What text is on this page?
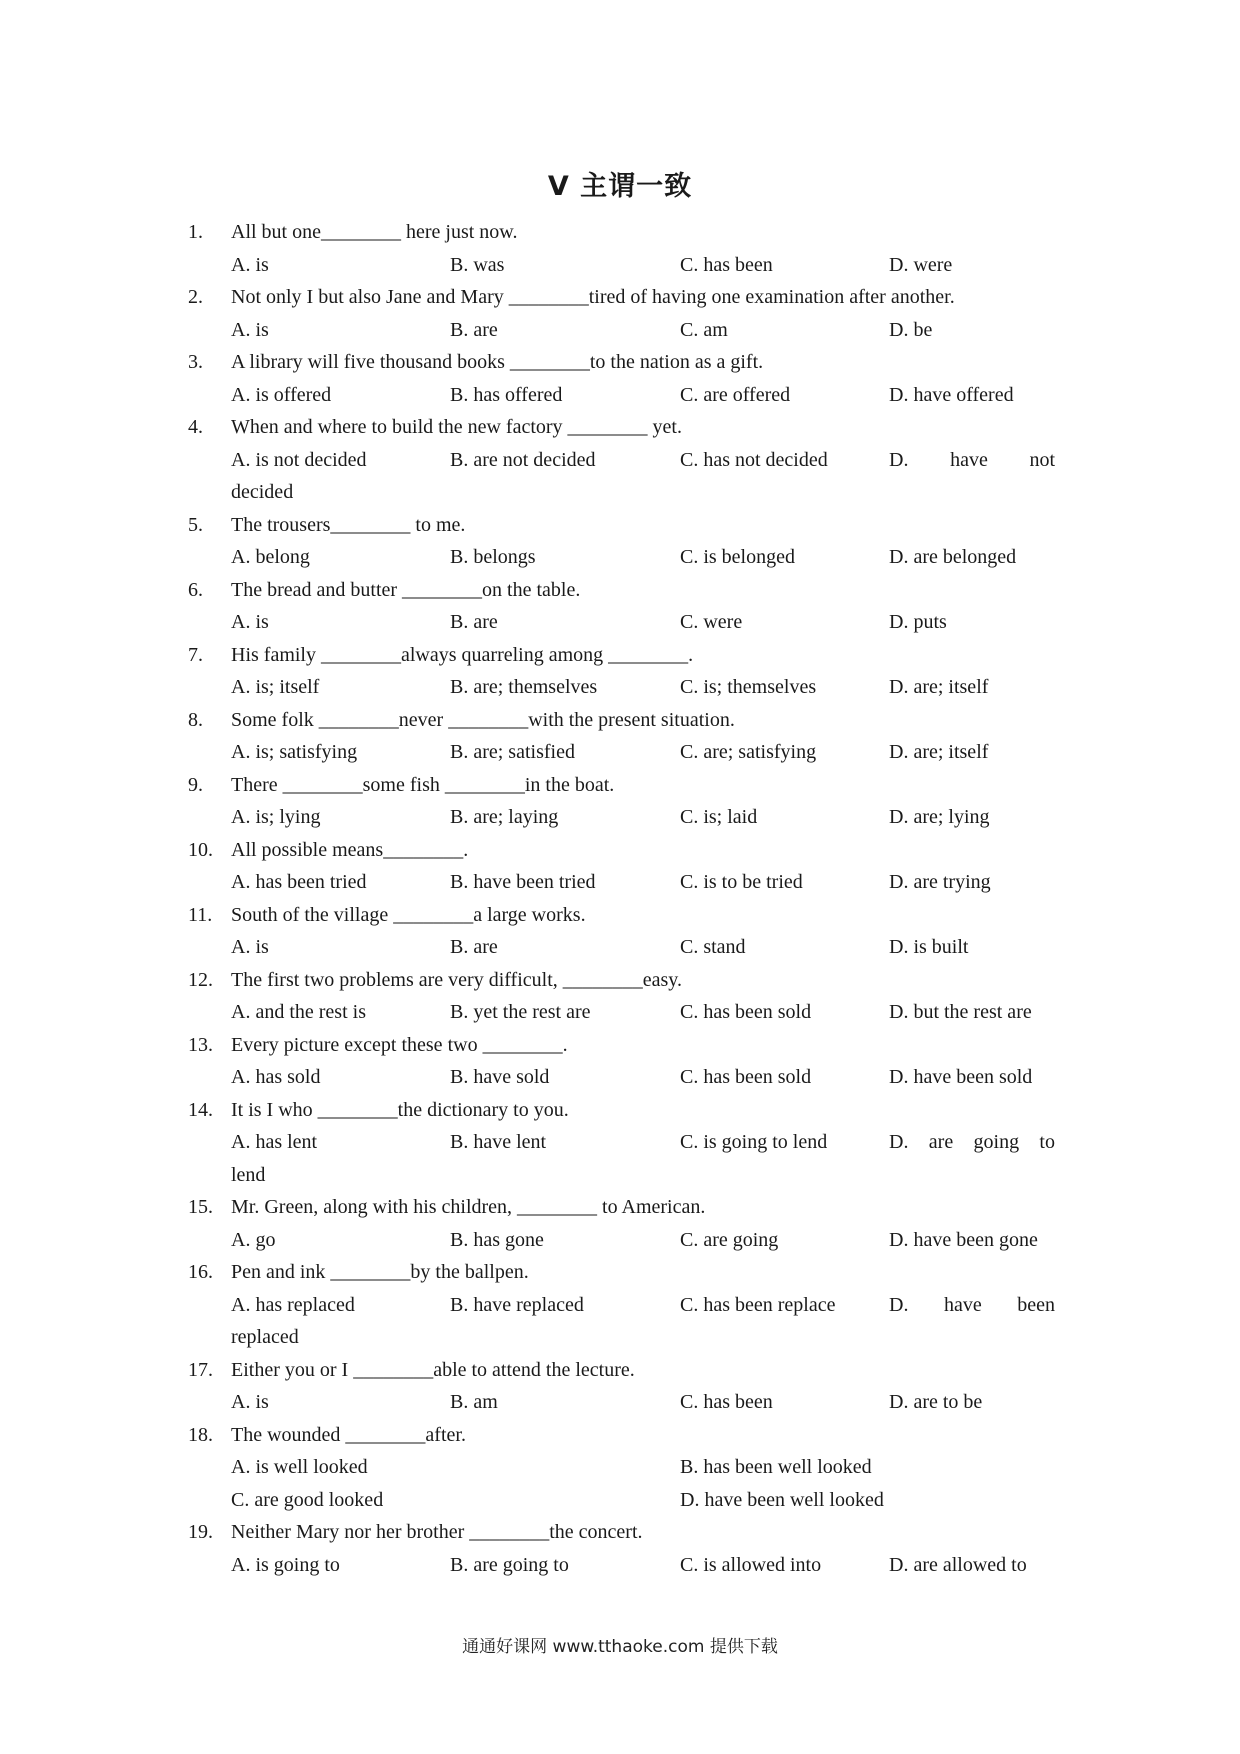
V 主谓一致
1. All but one________ here just now.
A. is	B. was	C. has been	D. were
2. Not only I but also Jane and Mary ________tired of having one examination after another.
A. is	B. are	C. am	D. be
3. A library will five thousand books ________to the nation as a gift.
A. is offered	B. has offered	C. are offered	D. have offered
4. When and where to build the new factory ________ yet.
A. is not decided	B. are not decided	C. has not decided	D. have not
decided
5. The trousers________ to me.
A. belong	B. belongs	C. is belonged	D. are belonged
6. The bread and butter ________on the table.
A. is	B. are	C. were	D. puts
7. His family ________always quarreling among ________.
A. is; itself	B. are; themselves	C. is; themselves	D. are; itself
8. Some folk ________never ________with the present situation.
A. is; satisfying	B. are; satisfied	C. are; satisfying	D. are; itself
9. There ________some fish ________in the boat.
A. is; lying	B. are; laying	C. is; laid	D. are; lying
10. All possible means________.
A. has been tried	B. have been tried	C. is to be tried	D. are trying
11. South of the village ________a large works.
A. is	B. are	C. stand	D. is built
12. The first two problems are very difficult, ________easy.
A. and the rest is	B. yet the rest are	C. has been sold	D. but the rest are
13. Every picture except these two ________.
A. has sold	B. have sold	C. has been sold	D. have been sold
14. It is I who ________the dictionary to you.
A. has lent	B. have lent	C. is going to lend	D. are going to
lend
15. Mr. Green, along with his children, ________ to American.
A. go	B. has gone	C. are going	D. have been gone
16. Pen and ink ________by the ballpen.
A. has replaced	B. have replaced	C. has been replace	D. have been
replaced
17. Either you or I ________able to attend the lecture.
A. is	B. am	C. has been	D. are to be
18. The wounded ________after.
A. is well looked	B. has been well looked
C. are good looked	D. have been well looked
19. Neither Mary nor her brother ________the concert.
A. is going to	B. are going to	C. is allowed into	D. are allowed to
通通好课网 www.tthaoke.com 提供下载
